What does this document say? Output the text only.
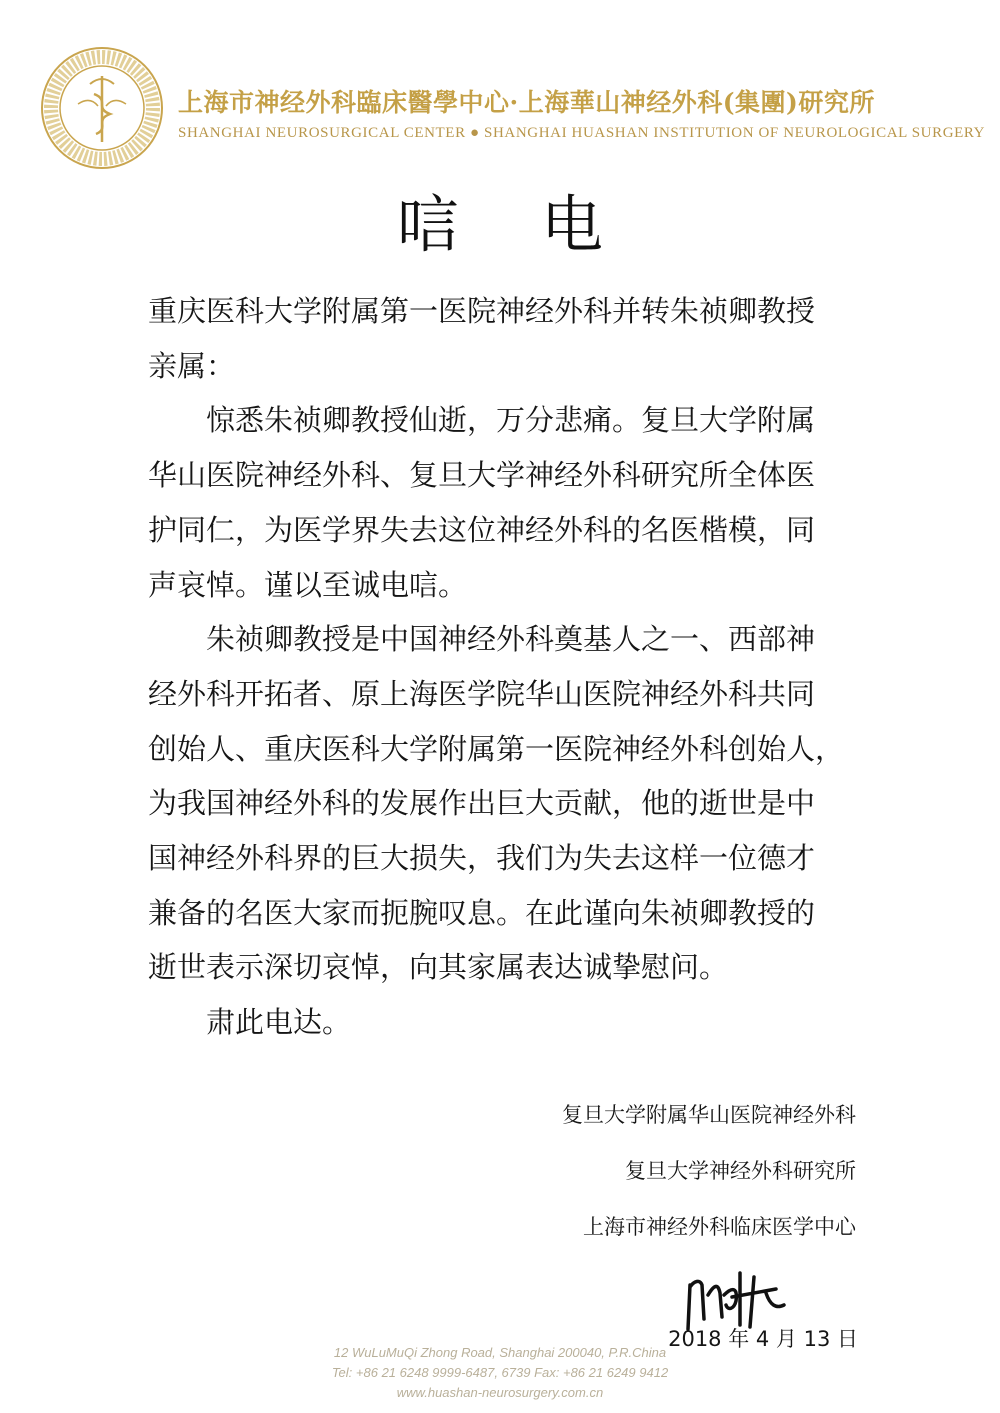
上海市神经外科臨床醫學中心·上海華山神经外科(集團)研究所
SHANGHAI NEUROSURGICAL CENTER ● SHANGHAI HUASHAN INSTITUTION OF NEUROLOGICAL SURGERY
唁电

重庆医科大学附属第一医院神经外科并转朱祯卿教授

亲属：

惊悉朱祯卿教授仙逝，万分悲痛。复旦大学附属

华山医院神经外科、复旦大学神经外科研究所全体医

护同仁，为医学界失去这位神经外科的名医楷模，同

声哀悼。谨以至诚电唁。

朱祯卿教授是中国神经外科奠基人之一、西部神

经外科开拓者、原上海医学院华山医院神经外科共同

创始人、重庆医科大学附属第一医院神经外科创始人，

为我国神经外科的发展作出巨大贡献，他的逝世是中

国神经外科界的巨大损失，我们为失去这样一位德才

兼备的名医大家而扼腕叹息。在此谨向朱祯卿教授的

逝世表示深切哀悼，向其家属表达诚挚慰问。

肃此电达。

复旦大学附属华山医院神经外科
复旦大学神经外科研究所
上海市神经外科临床医学中心
2018 年 4 月 13 日
12 WuLuMuQi Zhong Road, Shanghai 200040, P.R.China
Tel: +86 21 6248 9999-6487, 6739 Fax: +86 21 6249 9412
www.huashan-neurosurgery.com.cn
